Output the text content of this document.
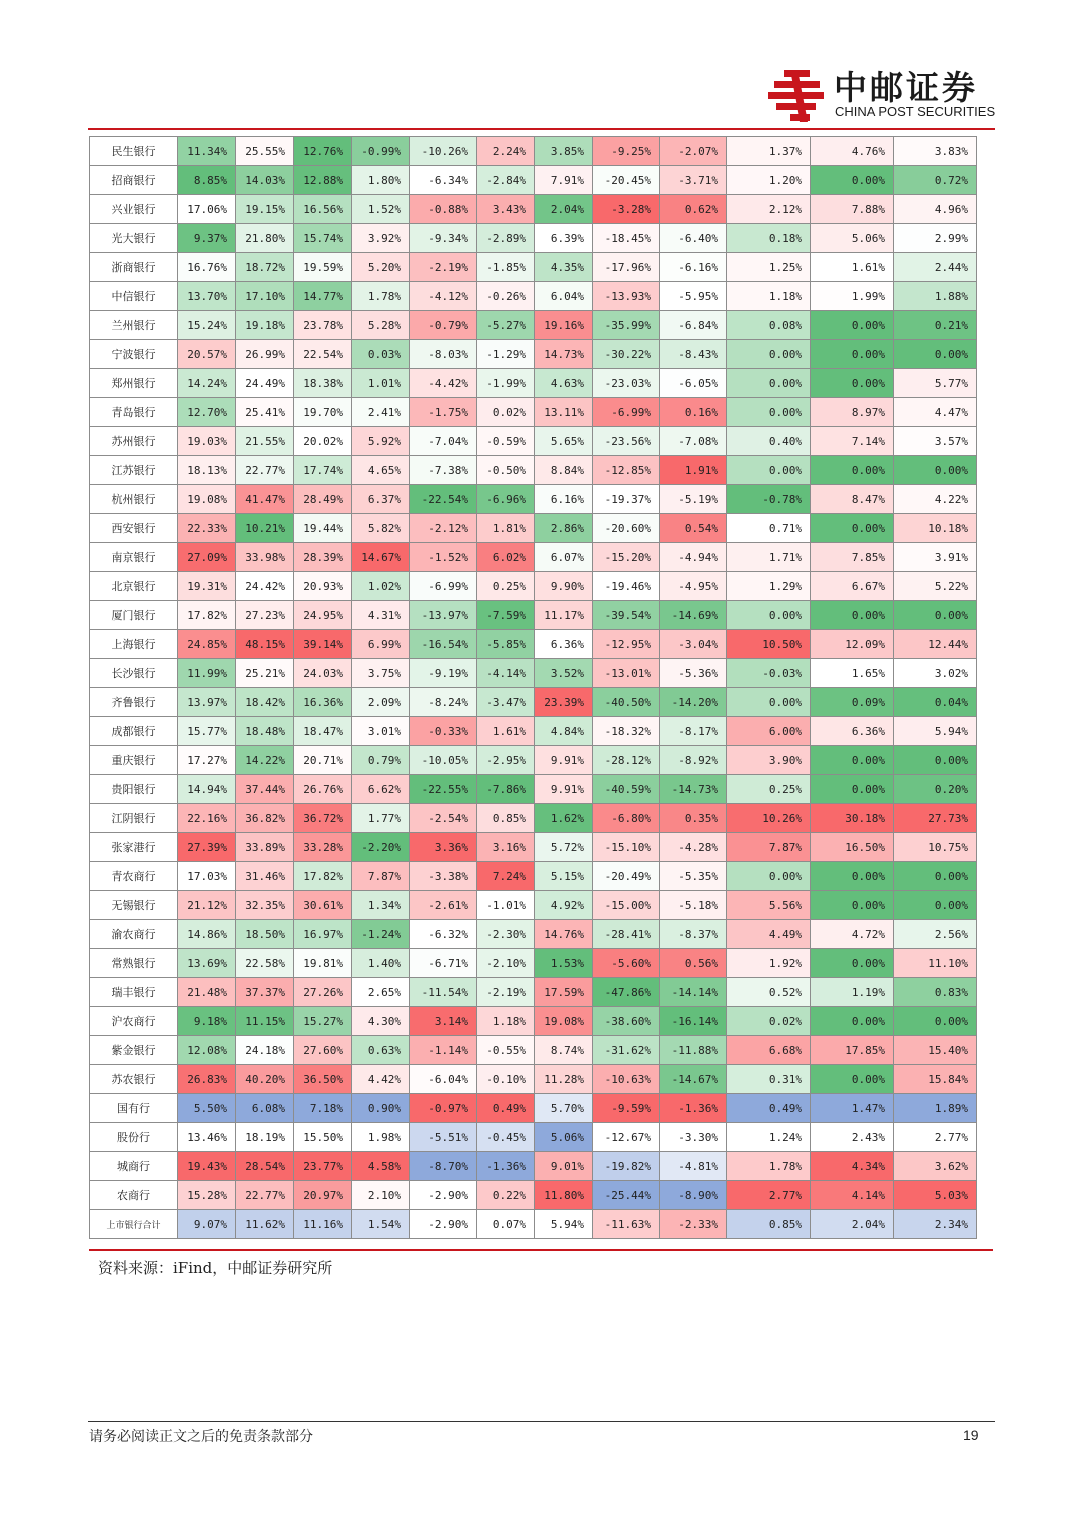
中邮证券
CHINA POST SECURITIES
民生银行	11.34%	25.55%	12.76%	-0.99%	-10.26%	2.24%	3.85%	-9.25%	-2.07%	1.37%	4.76%	3.83%
招商银行	8.85%	14.03%	12.88%	1.80%	-6.34%	-2.84%	7.91%	-20.45%	-3.71%	1.20%	0.00%	0.72%
兴业银行	17.06%	19.15%	16.56%	1.52%	-0.88%	3.43%	2.04%	-3.28%	0.62%	2.12%	7.88%	4.96%
光大银行	9.37%	21.80%	15.74%	3.92%	-9.34%	-2.89%	6.39%	-18.45%	-6.40%	0.18%	5.06%	2.99%
浙商银行	16.76%	18.72%	19.59%	5.20%	-2.19%	-1.85%	4.35%	-17.96%	-6.16%	1.25%	1.61%	2.44%
中信银行	13.70%	17.10%	14.77%	1.78%	-4.12%	-0.26%	6.04%	-13.93%	-5.95%	1.18%	1.99%	1.88%
兰州银行	15.24%	19.18%	23.78%	5.28%	-0.79%	-5.27%	19.16%	-35.99%	-6.84%	0.08%	0.00%	0.21%
宁波银行	20.57%	26.99%	22.54%	0.03%	-8.03%	-1.29%	14.73%	-30.22%	-8.43%	0.00%	0.00%	0.00%
郑州银行	14.24%	24.49%	18.38%	1.01%	-4.42%	-1.99%	4.63%	-23.03%	-6.05%	0.00%	0.00%	5.77%
青岛银行	12.70%	25.41%	19.70%	2.41%	-1.75%	0.02%	13.11%	-6.99%	0.16%	0.00%	8.97%	4.47%
苏州银行	19.03%	21.55%	20.02%	5.92%	-7.04%	-0.59%	5.65%	-23.56%	-7.08%	0.40%	7.14%	3.57%
江苏银行	18.13%	22.77%	17.74%	4.65%	-7.38%	-0.50%	8.84%	-12.85%	1.91%	0.00%	0.00%	0.00%
杭州银行	19.08%	41.47%	28.49%	6.37%	-22.54%	-6.96%	6.16%	-19.37%	-5.19%	-0.78%	8.47%	4.22%
西安银行	22.33%	10.21%	19.44%	5.82%	-2.12%	1.81%	2.86%	-20.60%	0.54%	0.71%	0.00%	10.18%
南京银行	27.09%	33.98%	28.39%	14.67%	-1.52%	6.02%	6.07%	-15.20%	-4.94%	1.71%	7.85%	3.91%
北京银行	19.31%	24.42%	20.93%	1.02%	-6.99%	0.25%	9.90%	-19.46%	-4.95%	1.29%	6.67%	5.22%
厦门银行	17.82%	27.23%	24.95%	4.31%	-13.97%	-7.59%	11.17%	-39.54%	-14.69%	0.00%	0.00%	0.00%
上海银行	24.85%	48.15%	39.14%	6.99%	-16.54%	-5.85%	6.36%	-12.95%	-3.04%	10.50%	12.09%	12.44%
长沙银行	11.99%	25.21%	24.03%	3.75%	-9.19%	-4.14%	3.52%	-13.01%	-5.36%	-0.03%	1.65%	3.02%
齐鲁银行	13.97%	18.42%	16.36%	2.09%	-8.24%	-3.47%	23.39%	-40.50%	-14.20%	0.00%	0.09%	0.04%
成都银行	15.77%	18.48%	18.47%	3.01%	-0.33%	1.61%	4.84%	-18.32%	-8.17%	6.00%	6.36%	5.94%
重庆银行	17.27%	14.22%	20.71%	0.79%	-10.05%	-2.95%	9.91%	-28.12%	-8.92%	3.90%	0.00%	0.00%
贵阳银行	14.94%	37.44%	26.76%	6.62%	-22.55%	-7.86%	9.91%	-40.59%	-14.73%	0.25%	0.00%	0.20%
江阴银行	22.16%	36.82%	36.72%	1.77%	-2.54%	0.85%	1.62%	-6.80%	0.35%	10.26%	30.18%	27.73%
张家港行	27.39%	33.89%	33.28%	-2.20%	3.36%	3.16%	5.72%	-15.10%	-4.28%	7.87%	16.50%	10.75%
青农商行	17.03%	31.46%	17.82%	7.87%	-3.38%	7.24%	5.15%	-20.49%	-5.35%	0.00%	0.00%	0.00%
无锡银行	21.12%	32.35%	30.61%	1.34%	-2.61%	-1.01%	4.92%	-15.00%	-5.18%	5.56%	0.00%	0.00%
渝农商行	14.86%	18.50%	16.97%	-1.24%	-6.32%	-2.30%	14.76%	-28.41%	-8.37%	4.49%	4.72%	2.56%
常熟银行	13.69%	22.58%	19.81%	1.40%	-6.71%	-2.10%	1.53%	-5.60%	0.56%	1.92%	0.00%	11.10%
瑞丰银行	21.48%	37.37%	27.26%	2.65%	-11.54%	-2.19%	17.59%	-47.86%	-14.14%	0.52%	1.19%	0.83%
沪农商行	9.18%	11.15%	15.27%	4.30%	3.14%	1.18%	19.08%	-38.60%	-16.14%	0.02%	0.00%	0.00%
紫金银行	12.08%	24.18%	27.60%	0.63%	-1.14%	-0.55%	8.74%	-31.62%	-11.88%	6.68%	17.85%	15.40%
苏农银行	26.83%	40.20%	36.50%	4.42%	-6.04%	-0.10%	11.28%	-10.63%	-14.67%	0.31%	0.00%	15.84%
国有行	5.50%	6.08%	7.18%	0.90%	-0.97%	0.49%	5.70%	-9.59%	-1.36%	0.49%	1.47%	1.89%
股份行	13.46%	18.19%	15.50%	1.98%	-5.51%	-0.45%	5.06%	-12.67%	-3.30%	1.24%	2.43%	2.77%
城商行	19.43%	28.54%	23.77%	4.58%	-8.70%	-1.36%	9.01%	-19.82%	-4.81%	1.78%	4.34%	3.62%
农商行	15.28%	22.77%	20.97%	2.10%	-2.90%	0.22%	11.80%	-25.44%	-8.90%	2.77%	4.14%	5.03%
上市银行合计	9.07%	11.62%	11.16%	1.54%	-2.90%	0.07%	5.94%	-11.63%	-2.33%	0.85%	2.04%	2.34%
资料来源：iFind，中邮证券研究所
请务必阅读正文之后的免责条款部分	19
